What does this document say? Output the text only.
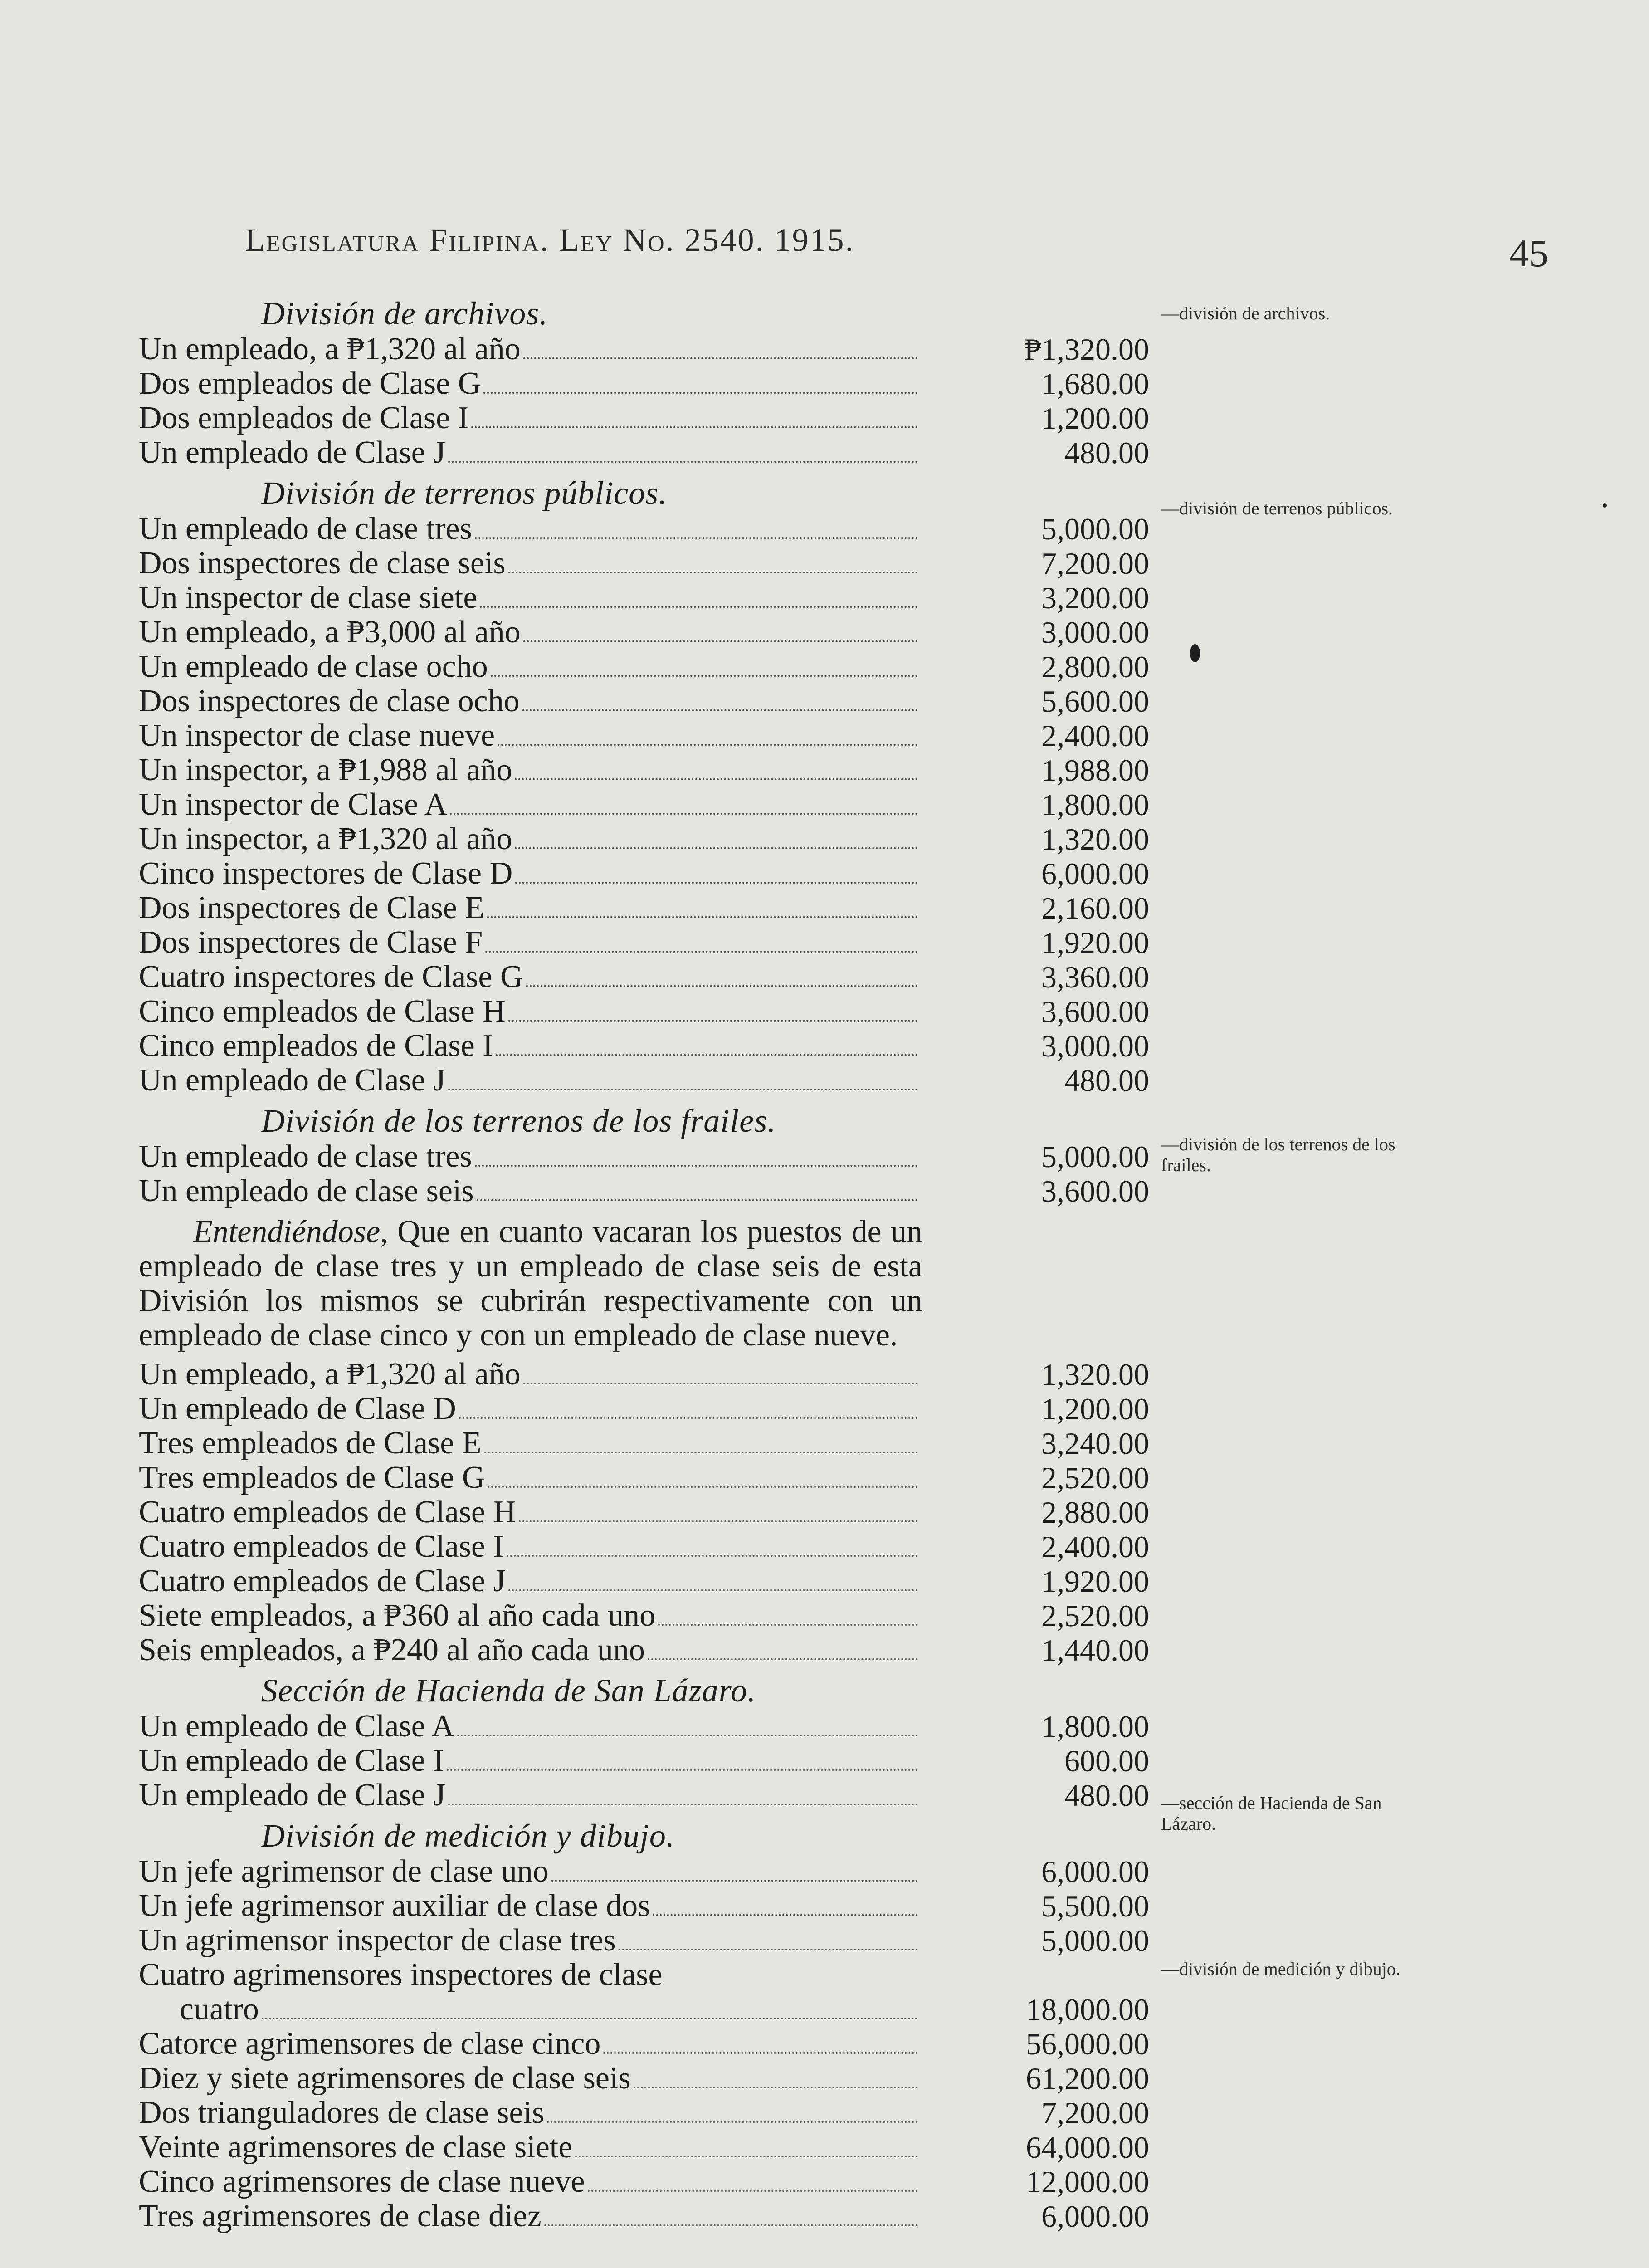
Legislatura Filipina. Ley No. 2540. 1915.	45
División de archivos.
Un empleado, a ₱1,320 al año	₱1,320.00
Dos empleados de Clase G	1,680.00
Dos empleados de Clase I	1,200.00
Un empleado de Clase J	480.00
División de terrenos públicos.
Un empleado de clase tres	5,000.00
Dos inspectores de clase seis	7,200.00
Un inspector de clase siete	3,200.00
Un empleado, a ₱3,000 al año	3,000.00
Un empleado de clase ocho	2,800.00
Dos inspectores de clase ocho	5,600.00
Un inspector de clase nueve	2,400.00
Un inspector, a ₱1,988 al año	1,988.00
Un inspector de Clase A	1,800.00
Un inspector, a ₱1,320 al año	1,320.00
Cinco inspectores de Clase D	6,000.00
Dos inspectores de Clase E	2,160.00
Dos inspectores de Clase F	1,920.00
Cuatro inspectores de Clase G	3,360.00
Cinco empleados de Clase H	3,600.00
Cinco empleados de Clase I	3,000.00
Un empleado de Clase J	480.00
División de los terrenos de los frailes.
Un empleado de clase tres	5,000.00
Un empleado de clase seis	3,600.00
Entendiéndose, Que en cuanto vacaran los puestos de un empleado de clase tres y un empleado de clase seis de esta División los mismos se cubrirán respectivamente con un empleado de clase cinco y con un empleado de clase nueve.
Un empleado, a ₱1,320 al año	1,320.00
Un empleado de Clase D	1,200.00
Tres empleados de Clase E	3,240.00
Tres empleados de Clase G	2,520.00
Cuatro empleados de Clase H	2,880.00
Cuatro empleados de Clase I	2,400.00
Cuatro empleados de Clase J	1,920.00
Siete empleados, a ₱360 al año cada uno	2,520.00
Seis empleados, a ₱240 al año cada uno	1,440.00
Sección de Hacienda de San Lázaro.
Un empleado de Clase A	1,800.00
Un empleado de Clase I	600.00
Un empleado de Clase J	480.00
División de medición y dibujo.
Un jefe agrimensor de clase uno	6,000.00
Un jefe agrimensor auxiliar de clase dos	5,500.00
Un agrimensor inspector de clase tres	5,000.00
Cuatro agrimensores inspectores de clase
cuatro	18,000.00
Catorce agrimensores de clase cinco	56,000.00
Diez y siete agrimensores de clase seis	61,200.00
Dos trianguladores de clase seis	7,200.00
Veinte agrimensores de clase siete	64,000.00
Cinco agrimensores de clase nueve	12,000.00
Tres agrimensores de clase diez	6,000.00
—división de archivos.
—división de terrenos públicos.
—división de los terrenos de los frailes.
—sección de Hacienda de San Lázaro.
—división de medición y dibujo.
